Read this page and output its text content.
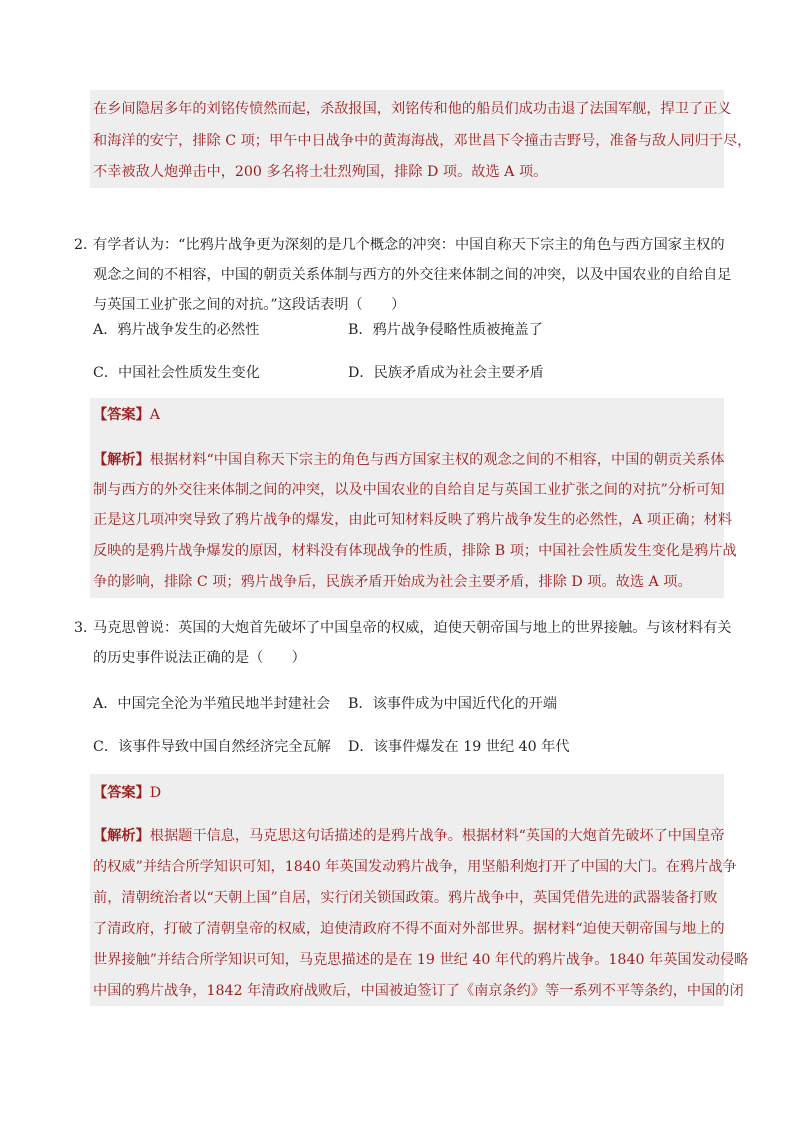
在乡间隐居多年的刘铭传愤然而起，杀敌报国，刘铭传和他的船员们成功击退了法国军舰，捍卫了正义
和海洋的安宁，排除 C 项；甲午中日战争中的黄海海战，邓世昌下令撞击吉野号，准备与敌人同归于尽，
不幸被敌人炮弹击中，200 多名将士壮烈殉国，排除 D 项。故选 A 项。
2．
有学者认为：“比鸦片战争更为深刻的是几个概念的冲突：中国自称天下宗主的角色与西方国家主权的
观念之间的不相容，中国的朝贡关系体制与西方的外交往来体制之间的冲突，以及中国农业的自给自足
与英国工业扩张之间的对抗。”这段话表明（　　）
A．鸦片战争发生的必然性	B．鸦片战争侵略性质被掩盖了
C．中国社会性质发生变化	D．民族矛盾成为社会主要矛盾
【答案】A
【解析】根据材料“中国自称天下宗主的角色与西方国家主权的观念之间的不相容，中国的朝贡关系体
制与西方的外交往来体制之间的冲突，以及中国农业的自给自足与英国工业扩张之间的对抗”分析可知
正是这几项冲突导致了鸦片战争的爆发，由此可知材料反映了鸦片战争发生的必然性，A 项正确；材料
反映的是鸦片战争爆发的原因，材料没有体现战争的性质，排除 B 项；中国社会性质发生变化是鸦片战
争的影响，排除 C 项；鸦片战争后，民族矛盾开始成为社会主要矛盾，排除 D 项。故选 A 项。
3．
马克思曾说：英国的大炮首先破坏了中国皇帝的权威，迫使天朝帝国与地上的世界接触。与该材料有关
的历史事件说法正确的是（　　）
A．中国完全沦为半殖民地半封建社会 B．该事件成为中国近代化的开端
C．该事件导致中国自然经济完全瓦解 D．该事件爆发在 19 世纪 40 年代
【答案】D
【解析】根据题干信息，马克思这句话描述的是鸦片战争。根据材料“英国的大炮首先破坏了中国皇帝
的权威”并结合所学知识可知，1840 年英国发动鸦片战争，用坚船利炮打开了中国的大门。在鸦片战争
前，清朝统治者以“天朝上国”自居，实行闭关锁国政策。鸦片战争中，英国凭借先进的武器装备打败
了清政府，打破了清朝皇帝的权威，迫使清政府不得不面对外部世界。据材料“迫使天朝帝国与地上的
世界接触”并结合所学知识可知，马克思描述的是在 19 世纪 40 年代的鸦片战争。1840 年英国发动侵略
中国的鸦片战争，1842 年清政府战败后，中国被迫签订了《南京条约》等一系列不平等条约，中国的闭
